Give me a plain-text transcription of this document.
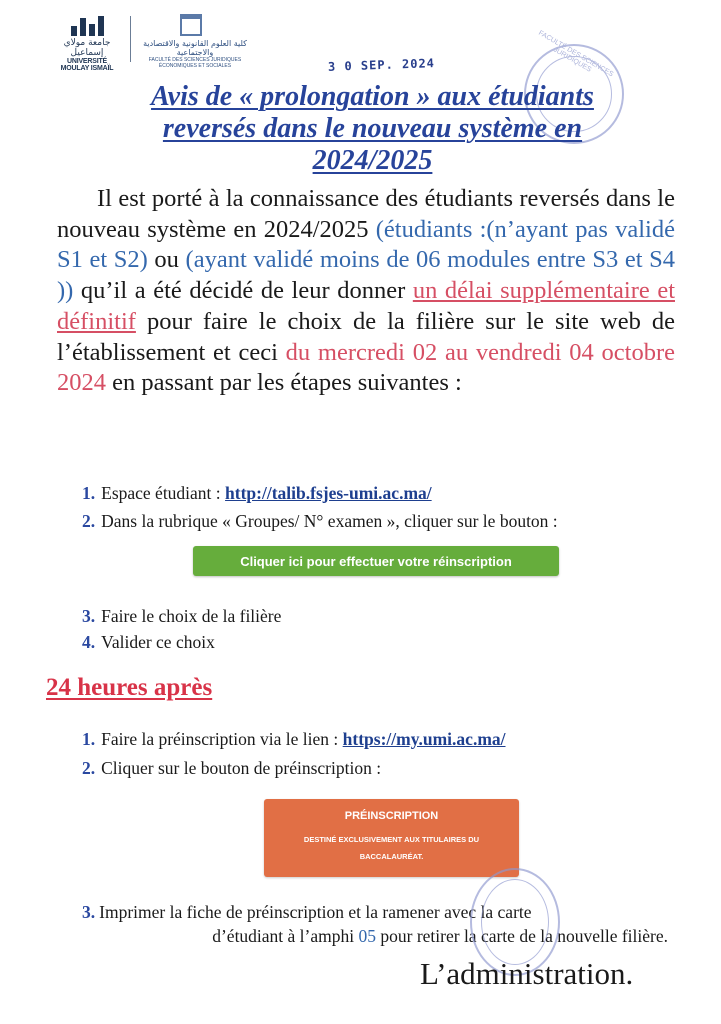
جامعة مولاي إسماعيل
UNIVERSITÉ MOULAY ISMAÏL
كلية العلوم القانونية والاقتصادية والاجتماعية
FACULTÉ DES SCIENCES JURIDIQUES ÉCONOMIQUES ET SOCIALES	3 0 SEP. 2024	FACULTÉ DES SCIENCES JURIDIQUES
Avis de « prolongation » aux étudiants
reversés dans le nouveau système en
2024/2025
Il est porté à la connaissance des étudiants reversés dans le nouveau système en 2024/2025 (étudiants :(n’ayant pas validé S1 et S2) ou (ayant validé moins de 06 modules entre S3 et S4 )) qu’il a été décidé de leur donner un délai supplémentaire et définitif pour faire le choix de la filière sur le site web de l’établissement et ceci du mercredi 02 au vendredi 04 octobre 2024 en passant par les étapes suivantes :
1. Espace étudiant : http://talib.fsjes-umi.ac.ma/
2. Dans la rubrique « Groupes/ N° examen », cliquer sur le bouton :
3. Faire le choix de la filière
4. Valider ce choix
Cliquer ici pour effectuer votre réinscription
24 heures après
1. Faire la préinscription via le lien : https://my.umi.ac.ma/
2. Cliquer sur le bouton de préinscription :
PRÉINSCRIPTION
DESTINÉ EXCLUSIVEMENT AUX TITULAIRES DU BACCALAURÉAT.
3. Imprimer la fiche de préinscription et la ramener avec la carte
d’étudiant à l’amphi 05 pour retirer la carte de la nouvelle filière.
L’administration.
